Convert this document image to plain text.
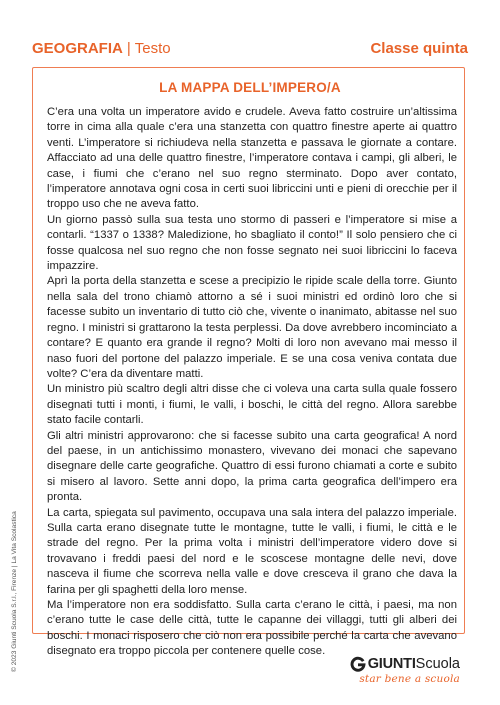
GEOGRAFIA | Testo	Classe quinta
LA MAPPA DELL’IMPERO/A

C’era una volta un imperatore avido e crudele. Aveva fatto costruire un’altissima torre in cima alla quale c’era una stanzetta con quattro finestre aperte ai quattro venti. L’imperatore si richiudeva nella stanzetta e passava le giornate a contare. Affacciato ad una delle quattro finestre, l’imperatore contava i campi, gli alberi, le case, i fiumi che c’erano nel suo regno sterminato. Dopo aver contato, l’imperatore annotava ogni cosa in certi suoi libriccini unti e pieni di orecchie per il troppo uso che ne aveva fatto.

Un giorno passò sulla sua testa uno stormo di passeri e l’imperatore si mise a contarli. “1337 o 1338? Maledizione, ho sbagliato il conto!” Il solo pensiero che ci fosse qualcosa nel suo regno che non fosse segnato nei suoi libriccini lo faceva impazzire.

Aprì la porta della stanzetta e scese a precipizio le ripide scale della torre. Giunto nella sala del trono chiamò attorno a sé i suoi ministri ed ordinò loro che si facesse subito un inventario di tutto ciò che, vivente o inanimato, abitasse nel suo regno. I ministri si grattarono la testa perplessi. Da dove avrebbero incominciato a contare? E quanto era grande il regno? Molti di loro non avevano mai messo il naso fuori del portone del palazzo imperiale. E se una cosa veniva contata due volte? C’era da diventare matti.

Un ministro più scaltro degli altri disse che ci voleva una carta sulla quale fossero disegnati tutti i monti, i fiumi, le valli, i boschi, le città del regno. Allora sarebbe stato facile contarli.

Gli altri ministri approvarono: che si facesse subito una carta geografica! A nord del paese, in un antichissimo monastero, vivevano dei monaci che sapevano disegnare delle carte geografiche. Quattro di essi furono chiamati a corte e subito si misero al lavoro. Sette anni dopo, la prima carta geografica dell’impero era pronta.

La carta, spiegata sul pavimento, occupava una sala intera del palazzo imperiale. Sulla carta erano disegnate tutte le montagne, tutte le valli, i fiumi, le città e le strade del regno. Per la prima volta i ministri dell’imperatore videro dove si trovavano i freddi paesi del nord e le scoscese montagne delle nevi, dove nasceva il fiume che scorreva nella valle e dove cresceva il grano che dava la farina per gli spaghetti della loro mense.

Ma l’imperatore non era soddisfatto. Sulla carta c’erano le città, i paesi, ma non c’erano tutte le case delle città, tutte le capanne dei villaggi, tutti gli alberi dei boschi. I monaci risposero che ciò non era possibile perché la carta che avevano disegnato era troppo piccola per contenere quelle cose.

© 2023 Giunti Scuola S.r.l., Firenze | La Vita Scolastica	GIUNTI Scuola
star bene a scuola
